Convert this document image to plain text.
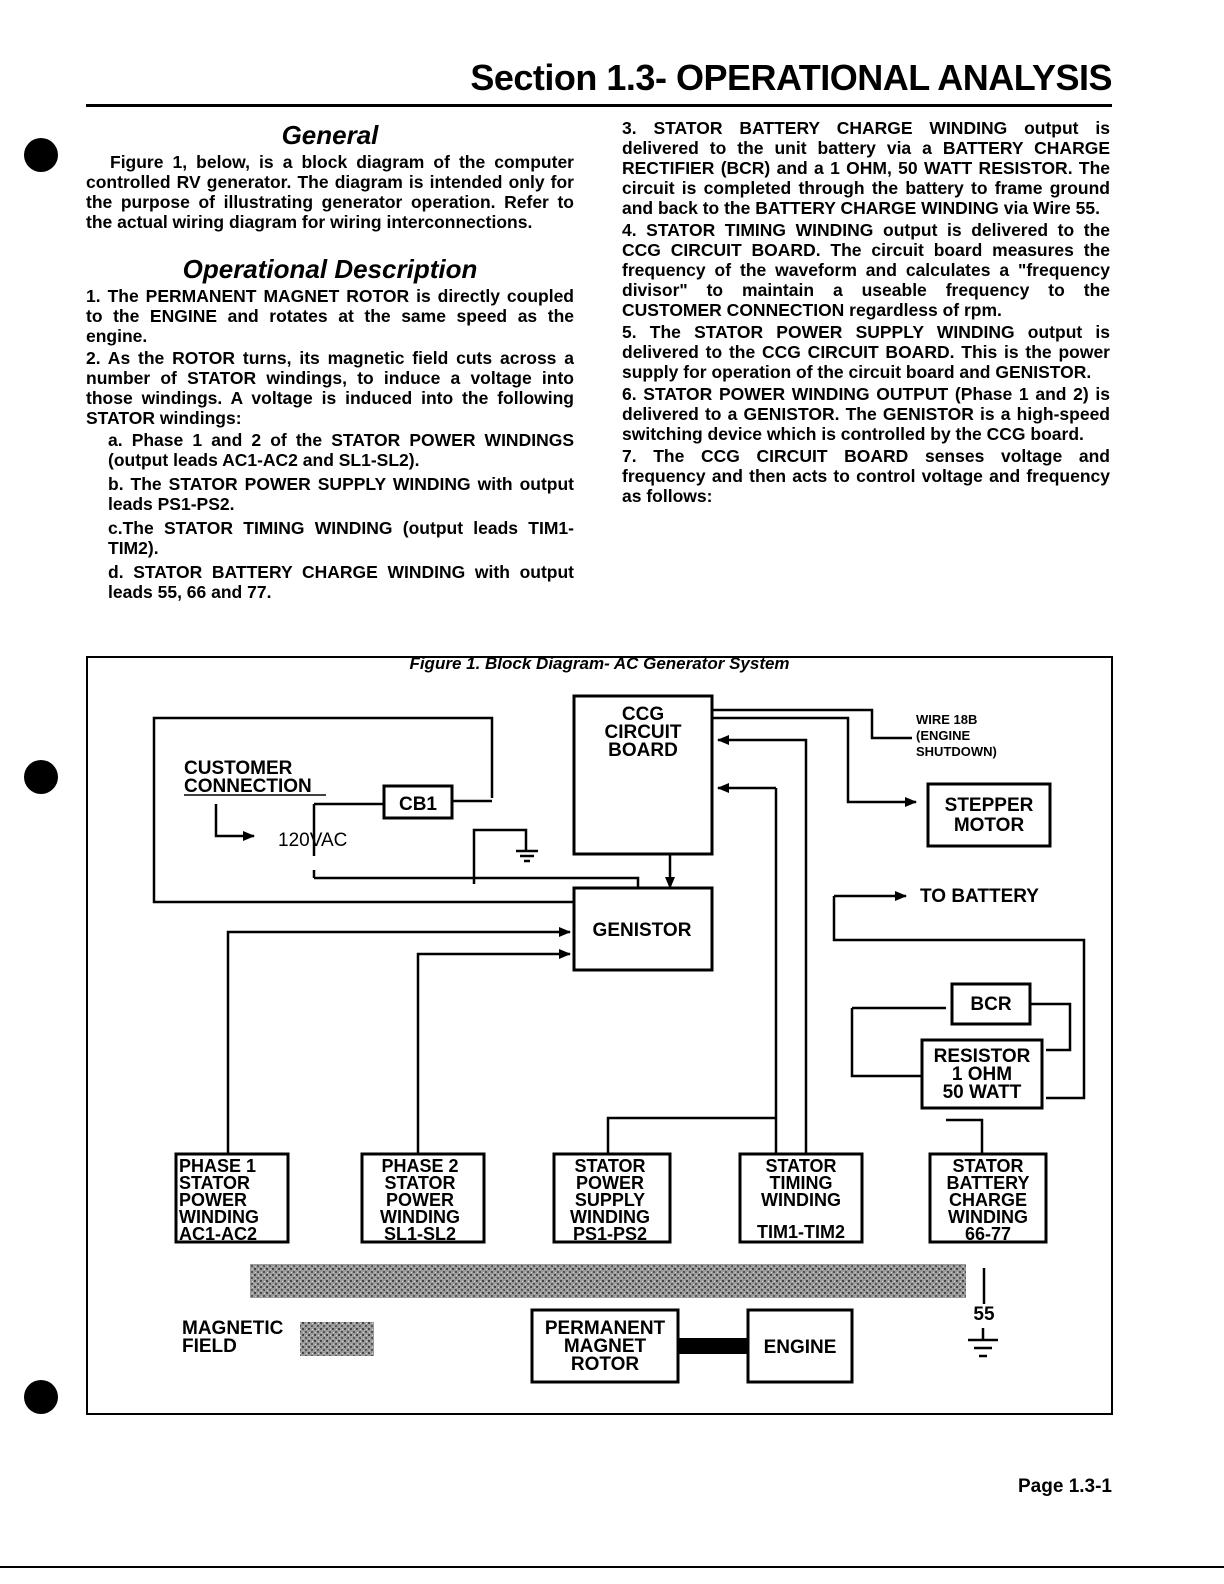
Section 1.3- OPERATIONAL ANALYSIS
General

Figure 1, below, is a block diagram of the computer controlled RV generator. The diagram is intended only for the purpose of illustrating generator operation. Refer to the actual wiring diagram for wiring interconnections.

Operational Description

1. The PERMANENT MAGNET ROTOR is directly coupled to the ENGINE and rotates at the same speed as the engine.

2. As the ROTOR turns, its magnetic field cuts across a number of STATOR windings, to induce a voltage into those windings. A voltage is induced into the following STATOR windings:

a. Phase 1 and 2 of the STATOR POWER WINDINGS (output leads AC1-AC2 and SL1-SL2).

b. The STATOR POWER SUPPLY WINDING with output leads PS1-PS2.

c.The STATOR TIMING WINDING (output leads TIM1-TIM2).

d. STATOR BATTERY CHARGE WINDING with output leads 55, 66 and 77.

3. STATOR BATTERY CHARGE WINDING output is delivered to the unit battery via a BATTERY CHARGE RECTIFIER (BCR) and a 1 OHM, 50 WATT RESISTOR. The circuit is completed through the battery to frame ground and back to the BATTERY CHARGE WINDING via Wire 55.

4. STATOR TIMING WINDING output is delivered to the CCG CIRCUIT BOARD. The circuit board measures the frequency of the waveform and calculates a "frequency divisor" to maintain a useable frequency to the CUSTOMER CONNECTION regardless of rpm.

5. The STATOR POWER SUPPLY WINDING output is delivered to the CCG CIRCUIT BOARD. This is the power supply for operation of the circuit board and GENISTOR.

6. STATOR POWER WINDING OUTPUT (Phase 1 and 2) is delivered to a GENISTOR. The GENISTOR is a high-speed switching device which is controlled by the CCG board.

7. The CCG CIRCUIT BOARD senses voltage and frequency and then acts to control voltage and frequency as follows:

CCG
CIRCUIT
BOARD
STEPPER
MOTOR
CB1
GENISTOR
BCR
RESISTOR
1 OHM
50 WATT
PERMANENT
MAGNET
ROTOR
ENGINE
55
PHASE 1
STATOR
POWER
WINDING
AC1-AC2
PHASE 2
STATOR
POWER
WINDING
SL1-SL2
STATOR
POWER
SUPPLY
WINDING
PS1-PS2
STATOR
TIMING
WINDING
TIM1-TIM2
STATOR
BATTERY
CHARGE
WINDING
66-77
CUSTOMER
CONNECTION
120VAC
TO BATTERY
MAGNETIC
FIELD
WIRE 18B
(ENGINE
SHUTDOWN)
Figure 1. Block Diagram- AC Generator System
Page 1.3-1
